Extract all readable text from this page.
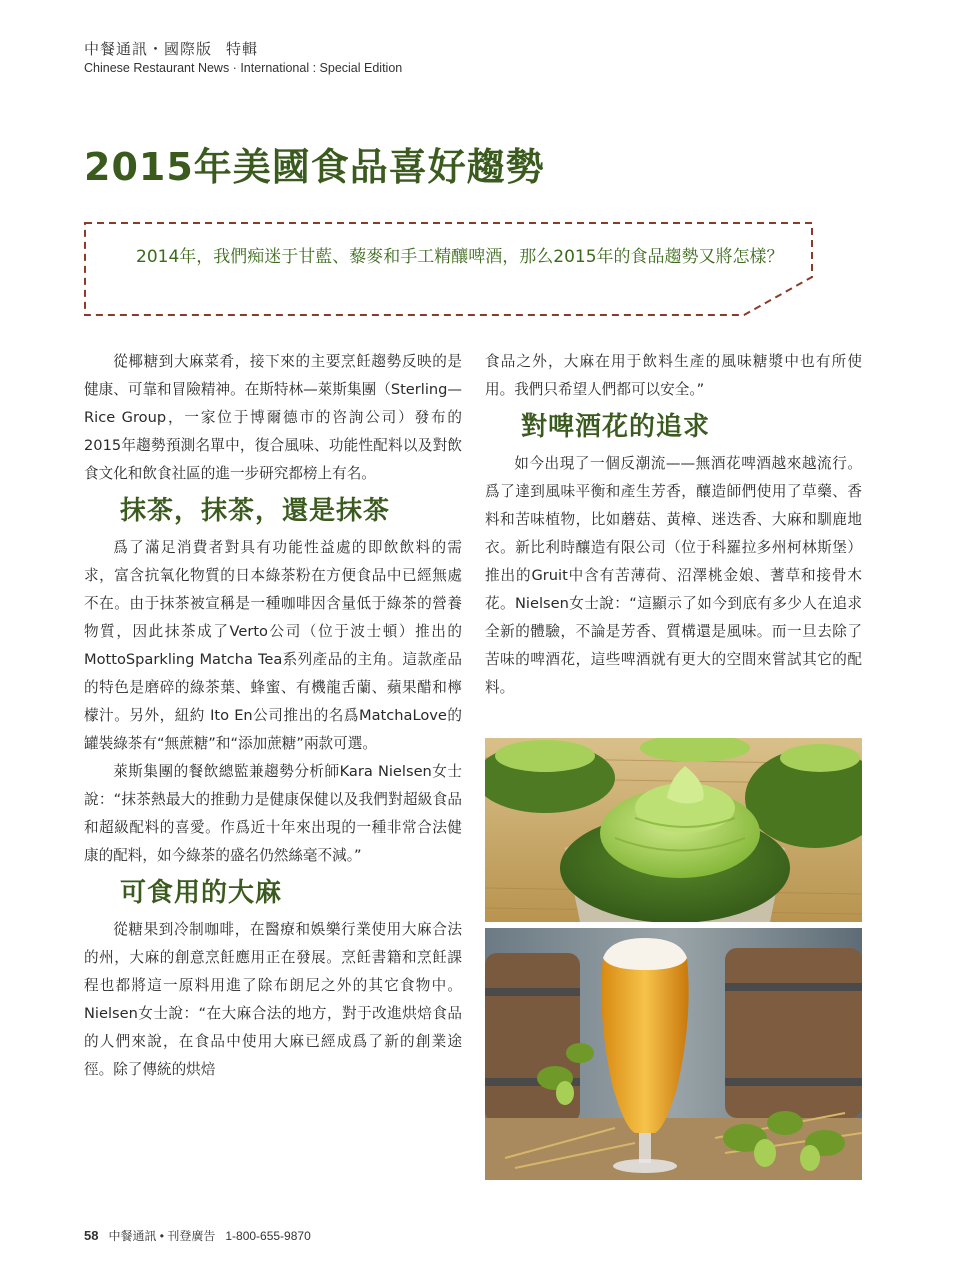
中餐通訊・國際版 特輯
Chinese Restaurant News · International : Special Edition
2015年美國食品喜好趨勢
2014年，我們痴迷于甘藍、藜麥和手工精釀啤酒，那么2015年的食品趨勢又將怎樣？

從椰糖到大麻菜肴，接下來的主要烹飪趨勢反映的是健康、可靠和冒險精神。在斯特林—萊斯集團（Sterling—Rice Group，一家位于博爾德市的咨詢公司）發布的2015年趨勢預測名單中，復合風味、功能性配料以及對飲食文化和飲食社區的進一步研究都榜上有名。

抹茶，抹茶，還是抹茶

爲了滿足消費者對具有功能性益處的即飲飲料的需求，富含抗氧化物質的日本綠茶粉在方便食品中已經無處不在。由于抹茶被宣稱是一種咖啡因含量低于綠茶的營養物質，因此抹茶成了Verto公司（位于波士頓）推出的MottoSparkling Matcha Tea系列產品的主角。這款產品的特色是磨碎的綠茶葉、蜂蜜、有機龍舌蘭、蘋果醋和檸檬汁。另外，紐約 Ito En公司推出的名爲MatchaLove的罐裝綠茶有“無蔗糖”和“添加蔗糖”兩款可選。

萊斯集團的餐飲總監兼趨勢分析師Kara Nielsen女士說：“抹茶熱最大的推動力是健康保健以及我們對超級食品和超級配料的喜愛。作爲近十年來出現的一種非常合法健康的配料，如今綠茶的盛名仍然絲毫不減。”

可食用的大麻

從糖果到冷制咖啡，在醫療和娛樂行業使用大麻合法的州，大麻的創意烹飪應用正在發展。烹飪書籍和烹飪課程也都將這一原料用進了除布朗尼之外的其它食物中。Nielsen女士說：“在大麻合法的地方，對于改進烘焙食品的人們來說，在食品中使用大麻已經成爲了新的創業途徑。除了傳統的烘焙

食品之外，大麻在用于飲料生產的風味糖漿中也有所使用。我們只希望人們都可以安全。”

對啤酒花的追求

如今出現了一個反潮流——無酒花啤酒越來越流行。爲了達到風味平衡和產生芳香，釀造師們使用了草藥、香料和苦味植物，比如蘑菇、黃樟、迷迭香、大麻和馴鹿地衣。新比利時釀造有限公司（位于科羅拉多州柯林斯堡）推出的Gruit中含有苦薄荷、沼澤桃金娘、蓍草和接骨木花。Nielsen女士說：“這顯示了如今到底有多少人在追求全新的體驗，不論是芳香、質構還是風味。而一旦去除了苦味的啤酒花，這些啤酒就有更大的空間來嘗試其它的配料。

58 中餐通訊 • 刊登廣告 1-800-655-9870
